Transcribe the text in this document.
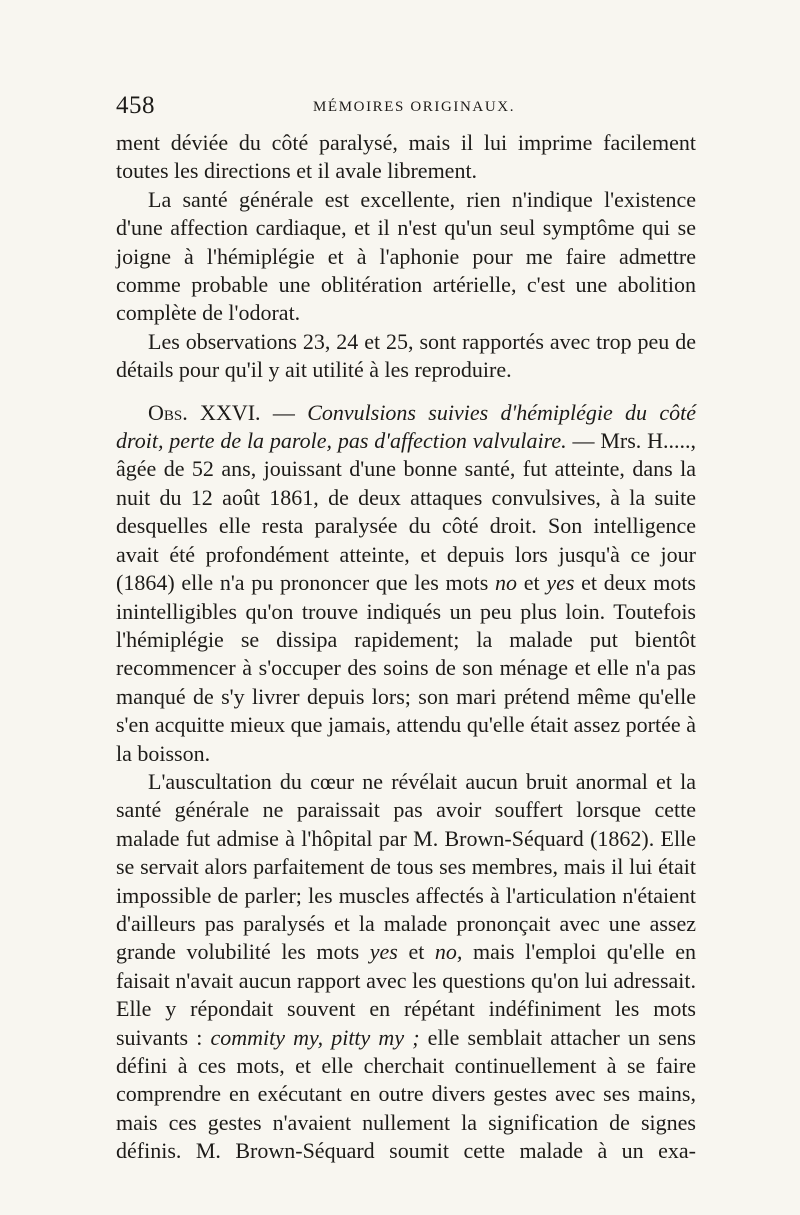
458	MÉMOIRES ORIGINAUX.

ment déviée du côté paralysé, mais il lui imprime facilement toutes les directions et il avale librement.

La santé générale est excellente, rien n'indique l'existence d'une affection cardiaque, et il n'est qu'un seul symptôme qui se joigne à l'hémiplégie et à l'aphonie pour me faire admettre comme probable une oblitération artérielle, c'est une abolition complète de l'odorat.

Les observations 23, 24 et 25, sont rapportés avec trop peu de détails pour qu'il y ait utilité à les reproduire.

Obs. XXVI. — Convulsions suivies d'hémiplégie du côté droit, perte de la parole, pas d'affection valvulaire. — Mrs. H....., âgée de 52 ans, jouissant d'une bonne santé, fut atteinte, dans la nuit du 12 août 1861, de deux attaques convulsives, à la suite desquelles elle resta paralysée du côté droit. Son intelligence avait été profondément atteinte, et depuis lors jusqu'à ce jour (1864) elle n'a pu prononcer que les mots no et yes et deux mots inintelligibles qu'on trouve indiqués un peu plus loin. Toutefois l'hémiplégie se dissipa rapidement; la malade put bientôt recommencer à s'occuper des soins de son ménage et elle n'a pas manqué de s'y livrer depuis lors; son mari prétend même qu'elle s'en acquitte mieux que jamais, attendu qu'elle était assez portée à la boisson.

L'auscultation du cœur ne révélait aucun bruit anormal et la santé générale ne paraissait pas avoir souffert lorsque cette malade fut admise à l'hôpital par M. Brown-Séquard (1862). Elle se servait alors parfaitement de tous ses membres, mais il lui était impossible de parler; les muscles affectés à l'articulation n'étaient d'ailleurs pas paralysés et la malade prononçait avec une assez grande volubilité les mots yes et no, mais l'emploi qu'elle en faisait n'avait aucun rapport avec les questions qu'on lui adressait. Elle y répondait souvent en répétant indéfiniment les mots suivants : commity my, pitty my ; elle semblait attacher un sens défini à ces mots, et elle cherchait continuellement à se faire comprendre en exécutant en outre divers gestes avec ses mains, mais ces gestes n'avaient nullement la signification de signes définis. M. Brown-Séquard soumit cette malade à un exa-
